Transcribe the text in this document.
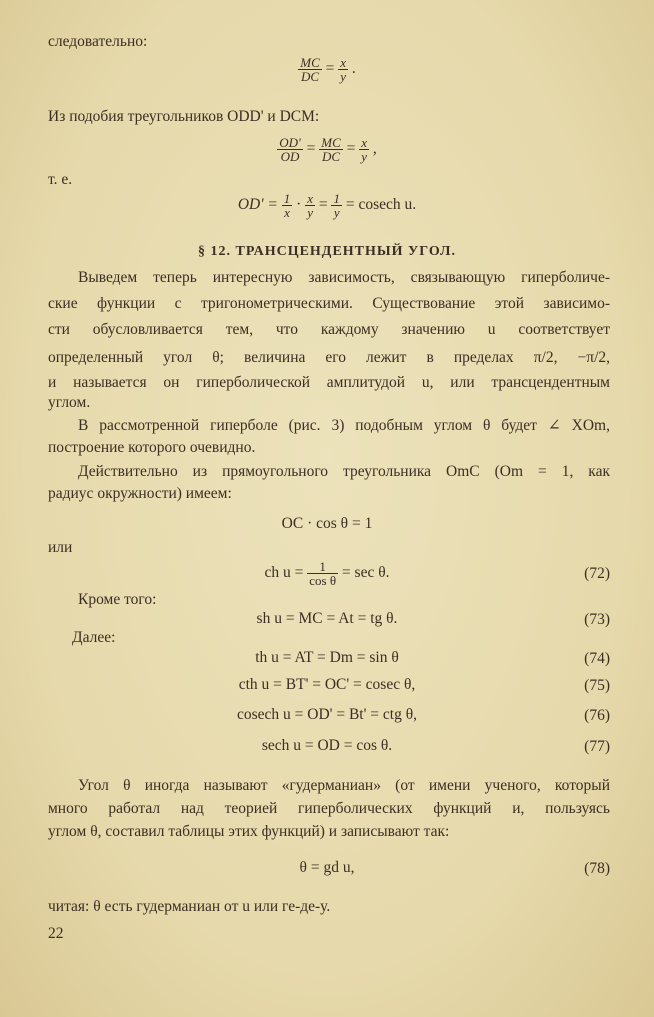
следовательно:
$\frac{MC}{DC} = \frac{x}{y}$ .
Из подобия треугольников ODD' и DCM:
$\frac{OD'}{OD} = \frac{MC}{DC} = \frac{x}{y}$ ,
т. е.
$OD' = \frac{1}{x} \cdot \frac{x}{y} = \frac{1}{y} = cosech$ u.
§ 12. ТРАНСЦЕНДЕНТНЫЙ УГОЛ.
Выведем теперь интересную зависимость, связывающую гиперболиче-
ские функции с тригонометрическими. Существование этой зависимо-
сти обусловливается тем, что каждому значению u соответствует
определенный угол θ; величина его лежит в пределах π/2, −π/2,
и называется он гиперболической амплитудой u, или трансцендентным
углом.
В рассмотренной гиперболе (рис. 3) подобным углом θ будет ∠ XOm,
построение которого очевидно.
Действительно из прямоугольного треугольника OmC (Om = 1, как
радиус окружности) имеем:
OC · cos θ = 1
или
ch $u = \frac{1}{\text{cos θ}} = \sec \theta$.	(72)
Кроме того:
sh u = MC = At = tg θ.	(73)
Далее:
th u = AT = Dm = sin θ	(74)
cth u = BT' = OC' = cosec θ,	(75)
cosech u = OD' = Bt' = ctg θ,	(76)
sech u = OD = cos θ.	(77)
Угол θ иногда называют «гудерманиан» (от имени ученого, который
много работал над теорией гиперболических функций и, пользуясь
углом θ, составил таблицы этих функций) и записывают так:
θ = gd u,	(78)
читая: θ есть гудерманиан от u или ге-де-у.
22
